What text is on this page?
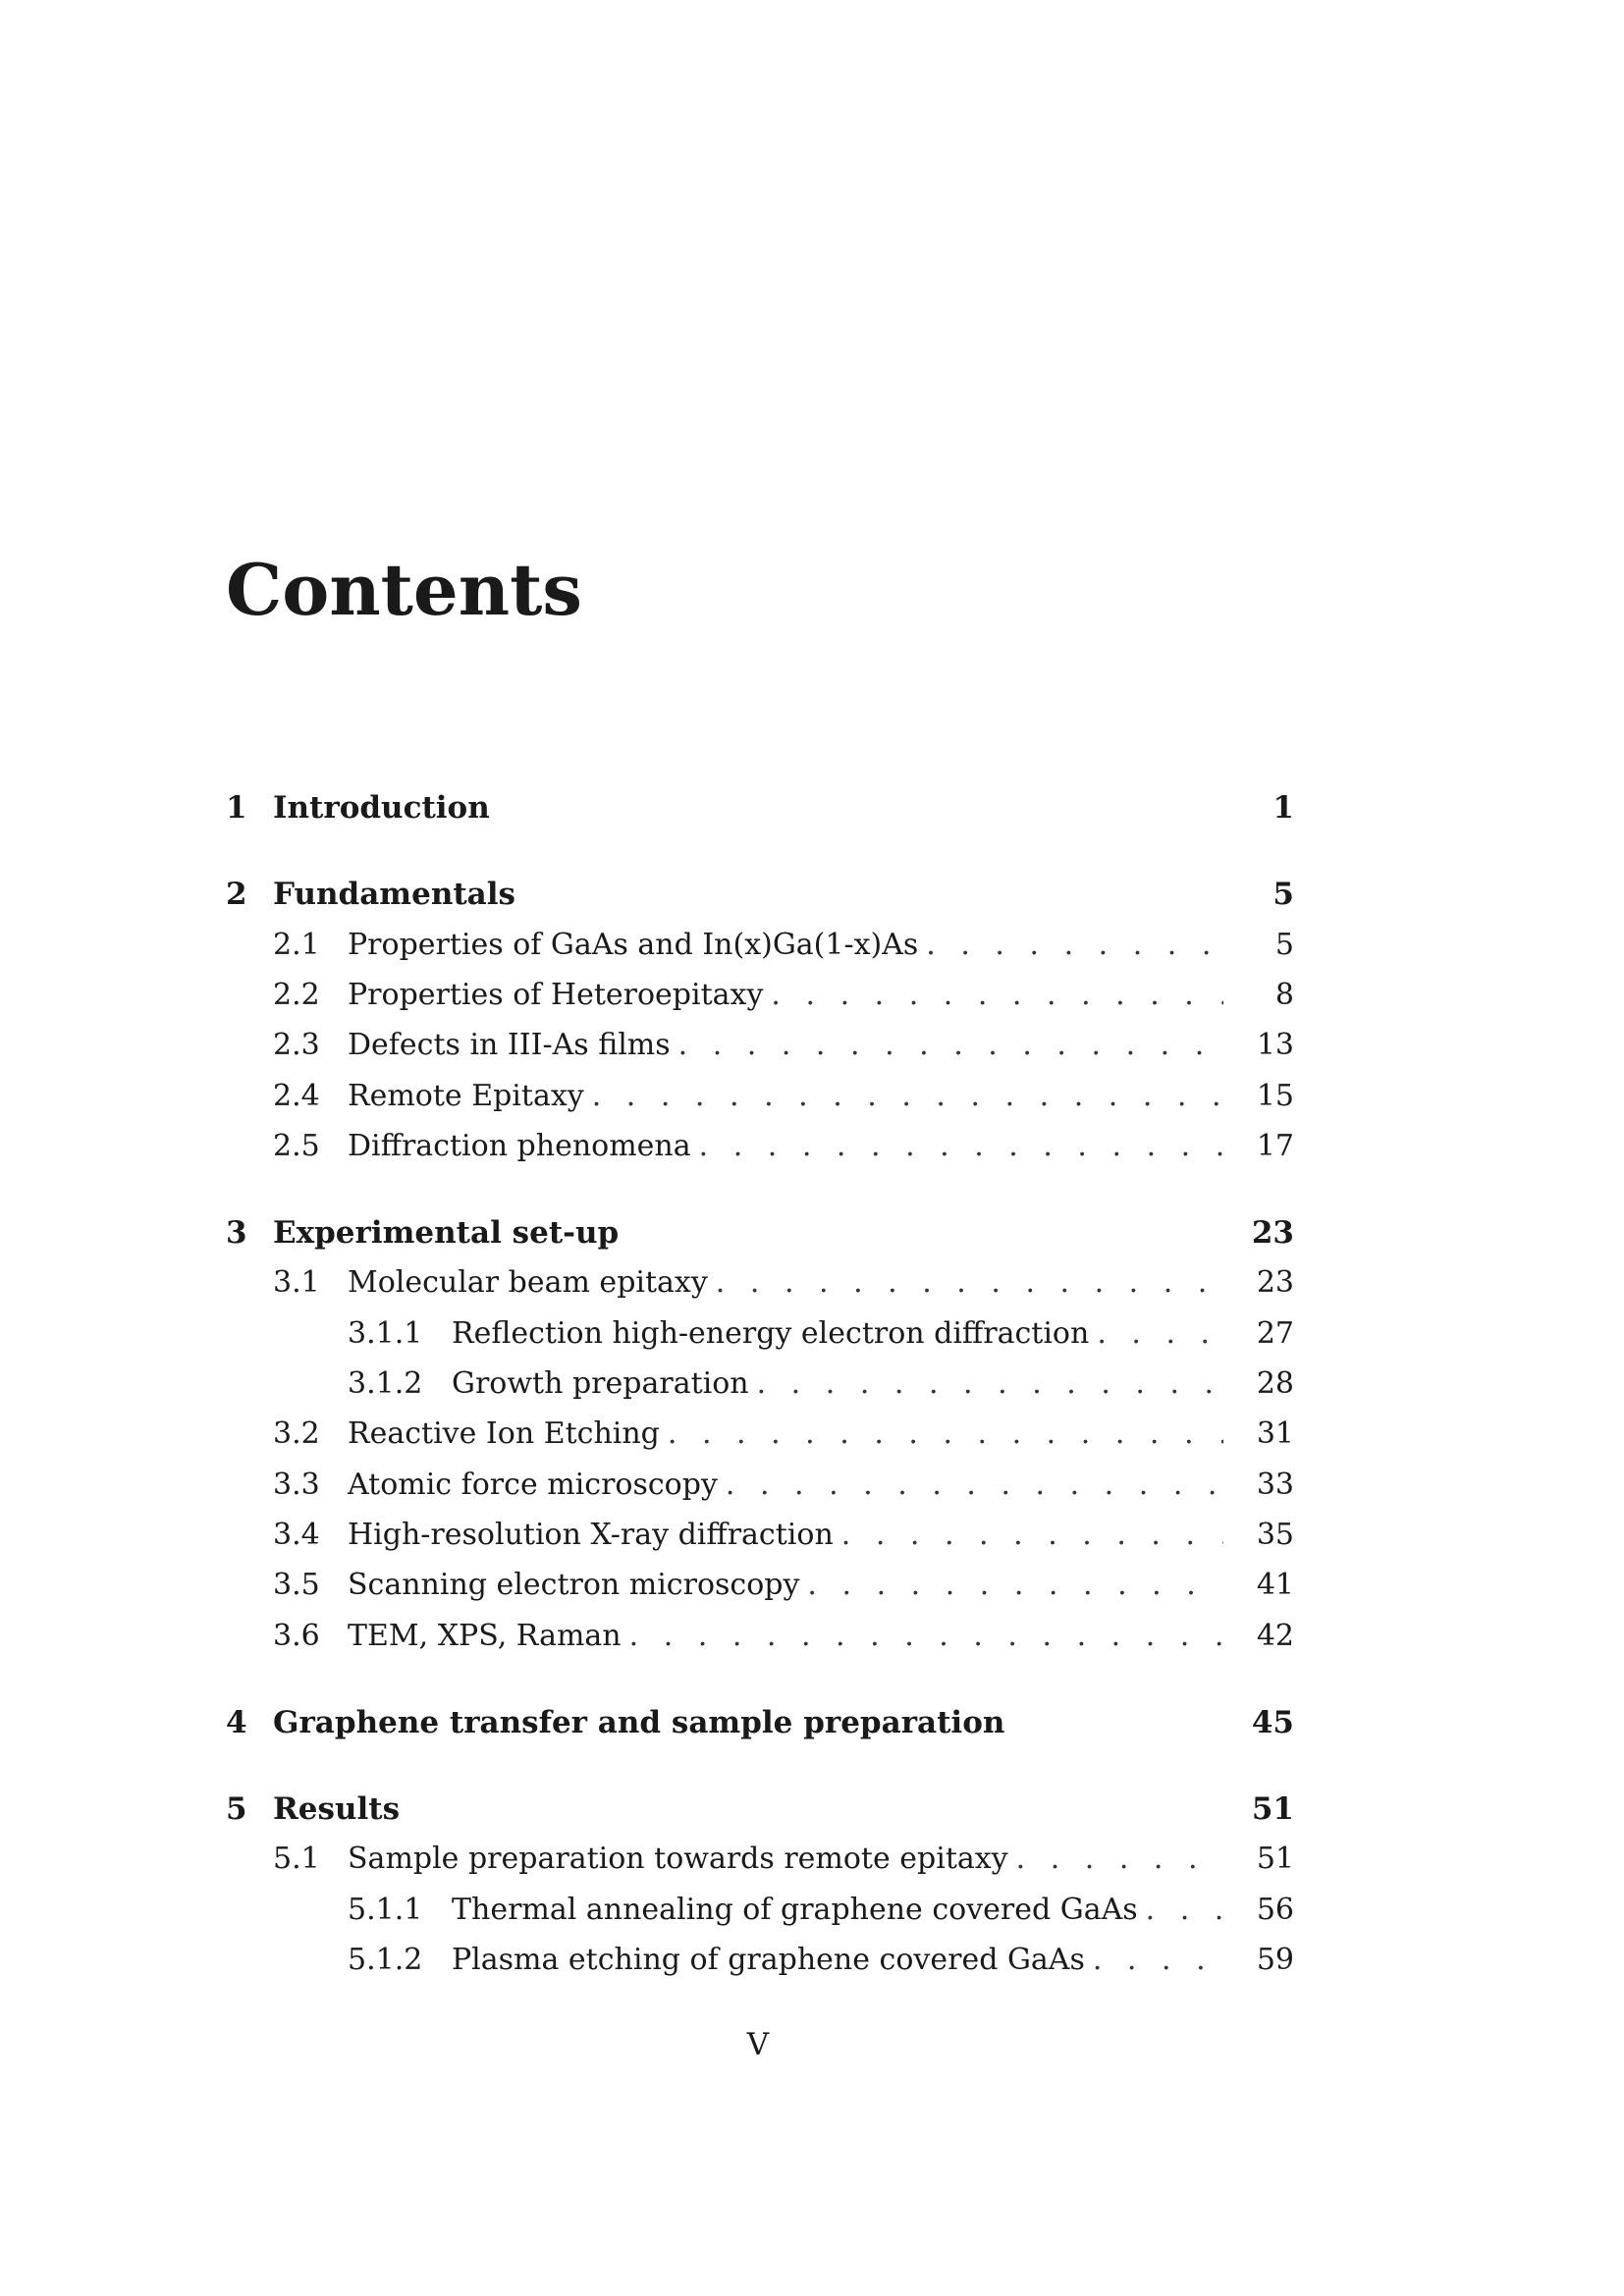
Contents
1 Introduction	1
2 Fundamentals	5
2.1 Properties of GaAs and In(x)Ga(1-x)As . . .	5
2.2 Properties of Heteroepitaxy . . .	8
2.3 Defects in III-As films . . .	13
2.4 Remote Epitaxy . . .	15
2.5 Diffraction phenomena . . .	17
3 Experimental set-up	23
3.1 Molecular beam epitaxy . . .	23
3.1.1 Reflection high-energy electron diffraction . . .	27
3.1.2 Growth preparation . . .	28
3.2 Reactive Ion Etching . . .	31
3.3 Atomic force microscopy . . .	33
3.4 High-resolution X-ray diffraction . . .	35
3.5 Scanning electron microscopy . . .	41
3.6 TEM, XPS, Raman . . .	42
4 Graphene transfer and sample preparation	45
5 Results	51
5.1 Sample preparation towards remote epitaxy . . .	51
5.1.1 Thermal annealing of graphene covered GaAs . . .	56
5.1.2 Plasma etching of graphene covered GaAs . . .	59
V
